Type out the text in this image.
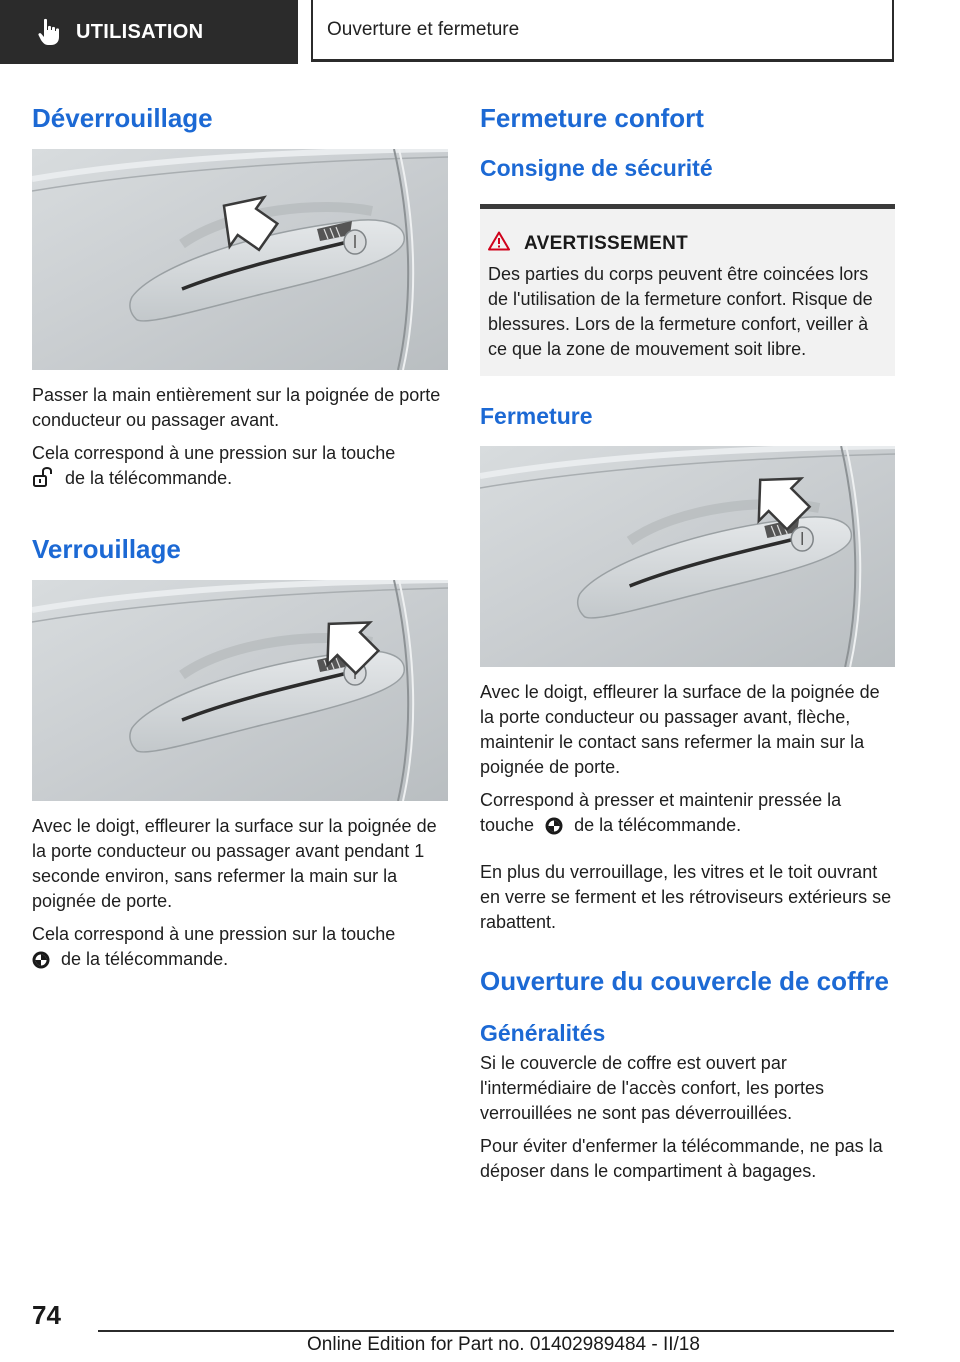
UTILISATION	Ouverture et fermeture
Déverrouillage

Passer la main entièrement sur la poignée de porte conducteur ou passager avant.

Cela correspond à une pression sur la touche
de la télécommande.

Verrouillage

Avec le doigt, effleurer la surface sur la poignée de la porte conducteur ou passager avant pendant 1 seconde environ, sans refermer la main sur la poignée de porte.

Cela correspond à une pression sur la touche
de la télécommande.

Fermeture confort
Consigne de sécurité
AVERTISSEMENT

Des parties du corps peuvent être coincées lors de l'utilisation de la fermeture confort. Risque de blessures. Lors de la fermeture confort, veiller à ce que la zone de mouvement soit libre.

Fermeture

Avec le doigt, effleurer la surface de la poignée de la porte conducteur ou passager avant, flèche, maintenir le contact sans refermer la main sur la poignée de porte.

Correspond à presser et maintenir pressée la touche de la télécommande.

En plus du verrouillage, les vitres et le toit ouvrant en verre se ferment et les rétroviseurs extérieurs se rabattent.

Ouverture du couvercle de coffre
Généralités

Si le couvercle de coffre est ouvert par l'intermédiaire de l'accès confort, les portes verrouillées ne sont pas déverrouillées.

Pour éviter d'enfermer la télécommande, ne pas la déposer dans le compartiment à bagages.

74
Online Edition for Part no. 01402989484 - II/18
